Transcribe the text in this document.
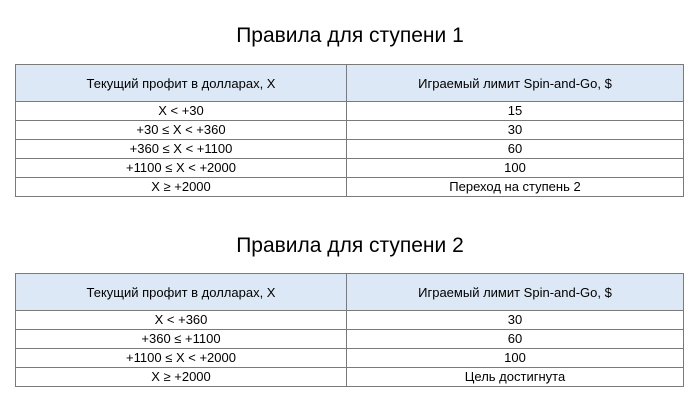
Правила для ступени 1
Текущий профит в долларах, X	Играемый лимит Spin-and-Go, $
X < +30	15
+30 ≤ X < +360	30
+360 ≤ X < +1100	60
+1100 ≤ X < +2000	100
X ≥ +2000	Переход на ступень 2
Правила для ступени 2
Текущий профит в долларах, X	Играемый лимит Spin-and-Go, $
X < +360	30
+360 ≤ +1100	60
+1100 ≤ X < +2000	100
X ≥ +2000	Цель достигнута
